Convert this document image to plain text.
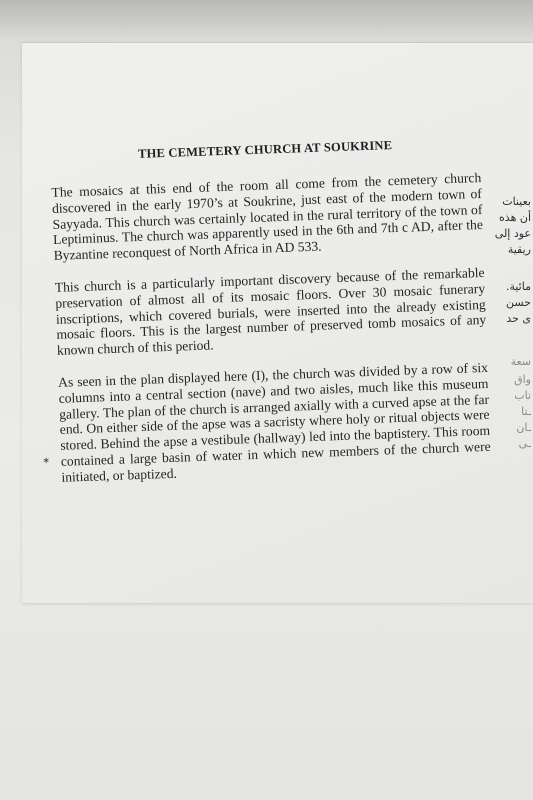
بعينات
أن هذه
عود إلى
ريقية
مائية.
حسن
ى حد
سعة
واق
تاب
ـتا
ـان
ـى
✶
THE CEMETERY CHURCH AT SOUKRINE

The mosaics at this end of the room all come from the cemetery church discovered in the early 1970’s at Soukrine, just east of the modern town of Sayyada. This church was certainly located in the rural territory of the town of Leptiminus. The church was apparently used in the 6th and 7th c AD, after the Byzantine reconquest of North Africa in AD 533.

This church is a particularly important discovery because of the remarkable preservation of almost all of its mosaic floors. Over 30 mosaic funerary inscriptions, which covered burials, were inserted into the already existing mosaic floors. This is the largest number of preserved tomb mosaics of any known church of this period.

As seen in the plan displayed here (I), the church was divided by a row of six columns into a central section (nave) and two aisles, much like this museum gallery. The plan of the church is arranged axially with a curved apse at the far end. On either side of the apse was a sacristy where holy or ritual objects were stored. Behind the apse a vestibule (hallway) led into the baptistery. This room contained a large basin of water in which new members of the church were initiated, or baptized.
